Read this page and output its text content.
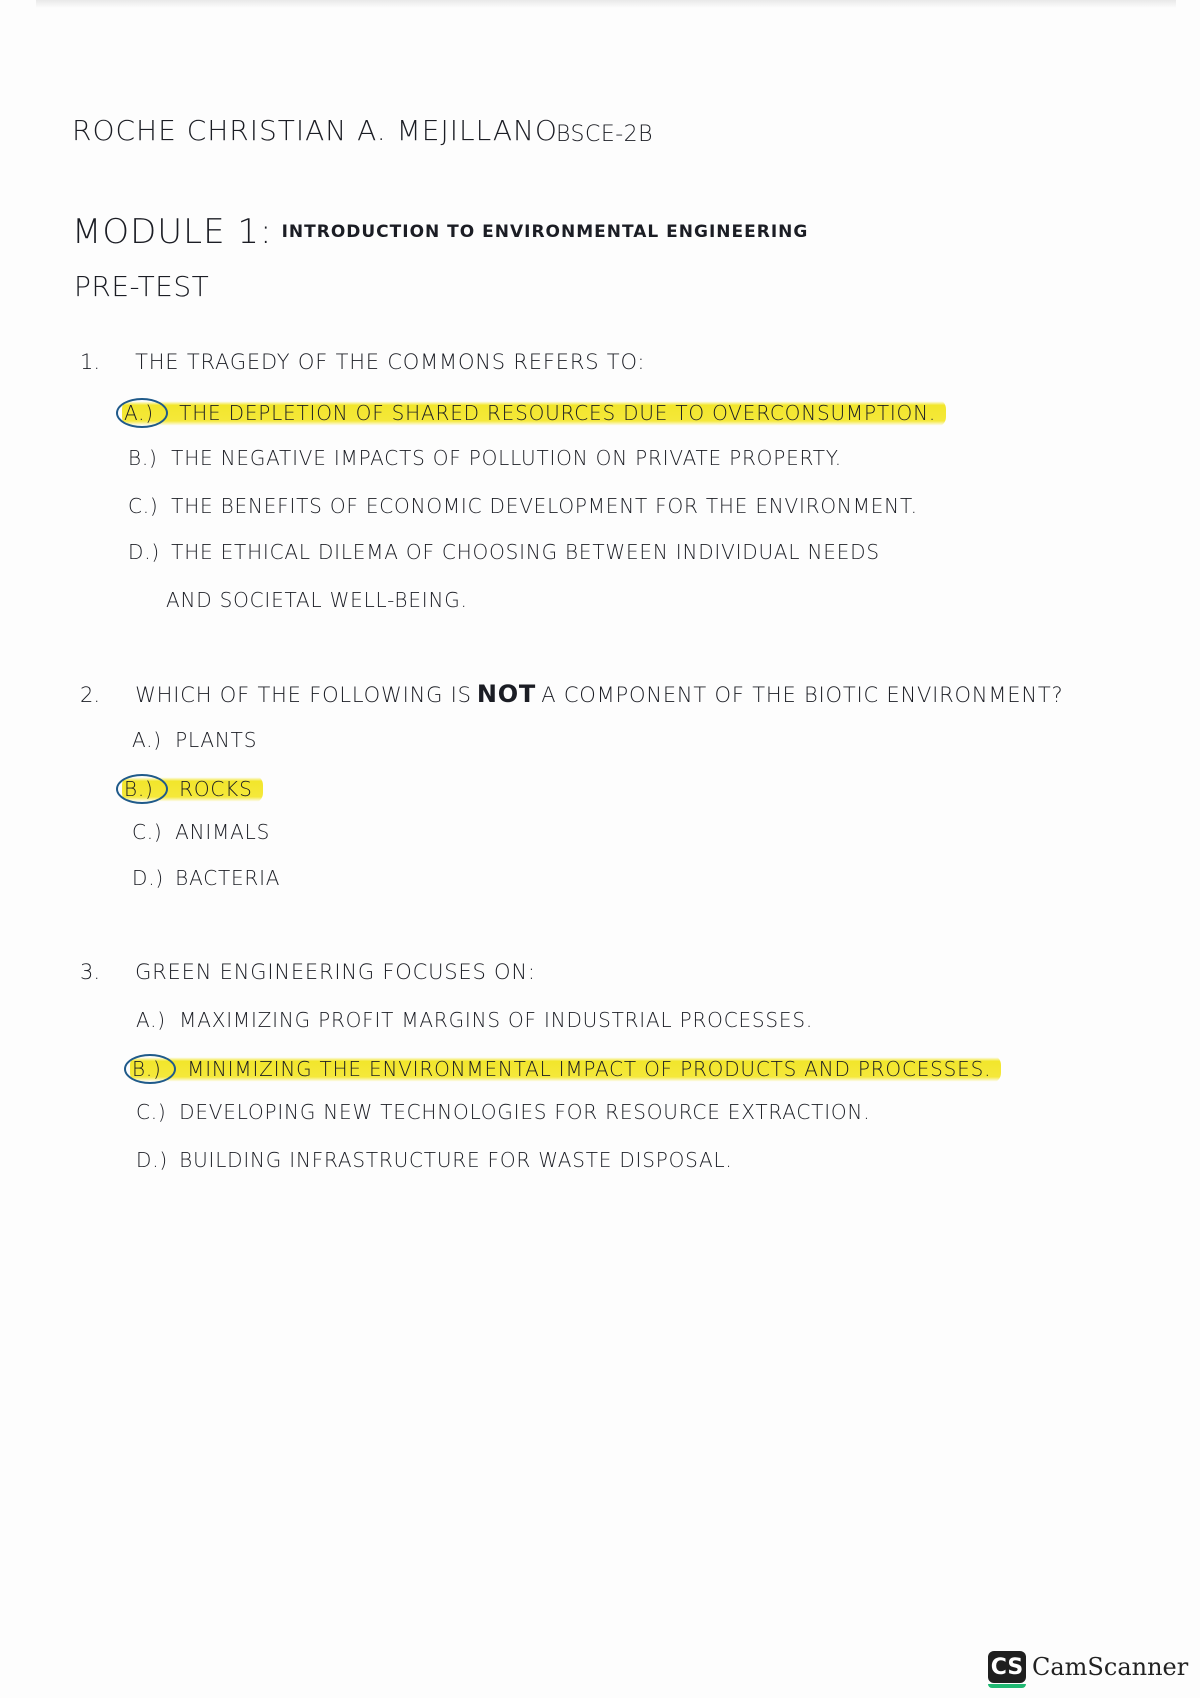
ROCHE CHRISTIAN A. MEJILLANO
BSCE-2B
MODULE 1: INTRODUCTION TO ENVIRONMENTAL ENGINEERING
PRE-TEST
1. THE TRAGEDY OF THE COMMONS REFERS TO:
A.) THE DEPLETION OF SHARED RESOURCES DUE TO OVERCONSUMPTION.
B.) THE NEGATIVE IMPACTS OF POLLUTION ON PRIVATE PROPERTY.
C.) THE BENEFITS OF ECONOMIC DEVELOPMENT FOR THE ENVIRONMENT.
D.) THE ETHICAL DILEMA OF CHOOSING BETWEEN INDIVIDUAL NEEDS
AND SOCIETAL WELL-BEING.
2. WHICH OF THE FOLLOWING IS NOT A COMPONENT OF THE BIOTIC ENVIRONMENT?
A.) PLANTS
B.) ROCKS
C.) ANIMALS
D.) BACTERIA
3. GREEN ENGINEERING FOCUSES ON:
A.) MAXIMIZING PROFIT MARGINS OF INDUSTRIAL PROCESSES.
B.) MINIMIZING THE ENVIRONMENTAL IMPACT OF PRODUCTS AND PROCESSES.
C.) DEVELOPING NEW TECHNOLOGIES FOR RESOURCE EXTRACTION.
D.) BUILDING INFRASTRUCTURE FOR WASTE DISPOSAL.
CS CamScanner
